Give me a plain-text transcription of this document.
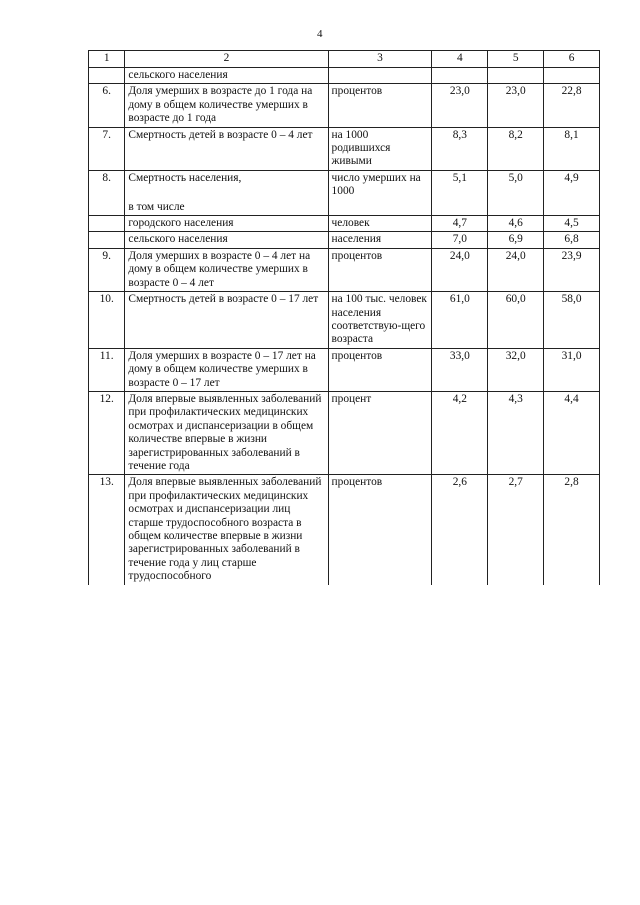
4
1	2	3	4	5	6
	сельского населения				
6.	Доля умерших в возрасте до 1 года на дому в общем количестве умерших в возрасте до 1 года	процентов	23,0	23,0	22,8
7.	Смертность детей в возрасте 0 – 4 лет	на 1000 родившихся живыми	8,3	8,2	8,1
8.	Смертность населения,	число умерших на 1000	5,1	5,0	4,9
	в том числе				
	городского населения	человек	4,7	4,6	4,5
	сельского населения	населения	7,0	6,9	6,8
9.	Доля умерших в возрасте 0 – 4 лет на дому в общем количестве умерших в возрасте 0 – 4 лет	процентов	24,0	24,0	23,9
10.	Смертность детей в возрасте 0 – 17 лет	на 100 тыс. человек населения соответствую-щего возраста	61,0	60,0	58,0
11.	Доля умерших в возрасте 0 – 17 лет на дому в общем количестве умерших в возрасте 0 – 17 лет	процентов	33,0	32,0	31,0
12.	Доля впервые выявленных заболеваний при профилактических медицинских осмотрах и диспансеризации в общем количестве впервые в жизни зарегистрированных заболеваний в течение года	процент	4,2	4,3	4,4
13.	Доля впервые выявленных заболеваний при профилактических медицинских осмотрах и диспансеризации лиц старше трудоспособного возраста в общем количестве впервые в жизни зарегистрированных заболеваний в течение года у лиц старше трудоспособного	процентов	2,6	2,7	2,8
